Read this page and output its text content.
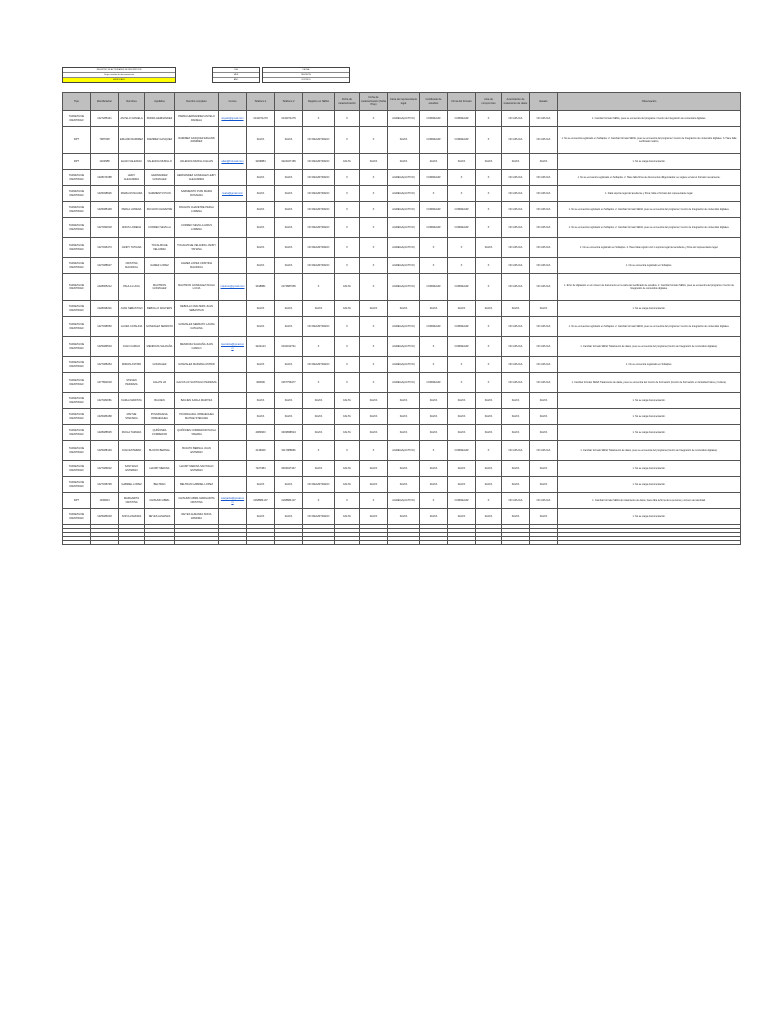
REGISTRO DE ACTIVIDADES DE INSCRIPCIÓN
Grupo revisión de documentación
VERIFICADO
DÍA
MES
AÑO
FECHA
REVISIÓN
CONTROL
Tipo	Identificación	Nombres	Apellidos	Nombre completo	Correo	Teléfono 1	Teléfono 2	Registro en SENA	Ficha de caracterización	Ficha de caracterización (Sofia Plus)	Carta del representante legal	Certificado de estudios	Firma del formato	Acta de compromiso	Autorización de tratamiento de datos	Estado	Observación
TARJETA DE IDENTIDAD	1027285441	ANYELO DANIELA	PARRA HERNANDEZ	PARRA HERNANDEZ ANYELO DANIELA	anyelo@gmail.com	3142071279	3142071279	X	X	X	AGREGA(ACTIVO)	CORREGIR	CORREGIR	X	NO APLICA	NO APLICA	1. Cambiar formato SENA, pues se encuentra del programa / Centro de Integración de contenidos digitales.
RPT	7987038	ERLAND RAMIREZ	RAMIREZ GASQUEZ	RAMIREZ GASQUEZ ERLAND RAMIREZ		FALTA	FALTA	NO REGISTRADO	X	X	FALTA	CORREGIR	CORREGIR	X	NO APLICA	NO APLICA	1. No se encuentra registrado en Sofiaplus. 2. Cambiar formato SENA, pues se encuentra del programa / Centro de Integración de contenidos digitales. 3. Hace falta certificado médico.
RPT	1022588	ELIAN VALENCIA	VALENCIA MURILLO	VALENCIA MURILLO ELIAN	elian@hotmail.com	3209884	3224327165	NO REGISTRADO	FALTA	FALTA	FALTA	FALTA	FALTA	FALTA	FALTA	FALTA	1. No se carga documentación.
TARJETA DE IDENTIDAD	1028474088	LEIDY ALEJANDRA	HERNANDEZ GONZALEZ	HERNANDEZ GONZALEZ LEIDY ALEJANDRA		FALTA	FALTA	NO REGISTRADO	X	X	AGREGA(ACTIVO)	CORREGIR	X	X	NO APLICA	NO APLICA	1. No se encuentra registrado en Sofiaplus. 2. Hace falta firma de documentos diligenciados; se sugiere enviar el formato nuevamente.
TARJETA DE IDENTIDAD	1025498526	MARIA ROSAURA	SARMIENTO PUIN	SARMIENTO PUIN MARIA ROSAURA	maria@gmail.com	FALTA	FALTA	NO REGISTRADO	X	X	AGREGA(ACTIVO)	X	X	X	NO APLICA	NO APLICA	1. Falta soporte legal del acudiente y firma; falta el formato del representante legal.
TARJETA DE IDENTIDAD	1025485448	PERLA LORENA	PACHON CHAVETRE	PACHON CHAVETRE PERLA LORENA		FALTA	FALTA	NO REGISTRADO	X	X	AGREGA(ACTIVO)	CORREGIR	CORREGIR	X	NO APLICA	NO APLICA	1. No se encuentra registrado en Sofiaplus. 2. Cambiar formato SENA, pues se encuentra del programa / Centro de Integración de contenidos digitales.
TARJETA DE IDENTIDAD	1027093018	ANIUS LORENA	CORREO SEVILLA	CORREO SEVILLA ANIUS LORENA		FALTA	FALTA	NO REGISTRADO	X	X	AGREGA(ACTIVO)	CORREGIR	CORREGIR	X	NO APLICA	NO APLICA	1. No se encuentra registrado en Sofiaplus. 2. Cambiar formato SENA, pues se encuentra del programa / Centro de Integración de contenidos digitales.
TARJETA DE IDENTIDAD	1027496473	JANDY TATIANA	TOCALMCHE VELANDIA	TOCALMCHE VELANDIA JANDY TATIANA		FALTA	FALTA	NO REGISTRADO	X	X	AGREGA(ACTIVO)	X	X	FALTA	NO APLICA	NO APLICA	1. No se encuentra registrado en Sofiaplus. 2. Hace falta registro civil o soporte legal del acudiente y firma del representante legal.
TARJETA DE IDENTIDAD	1027488627	CRISTINA MAURICIA	GAMEZ LOPEZ	GAMEZ LOPEZ CRISTINA MAURICIA		FALTA	FALTA	NO REGISTRADO	X	X	AGREGA(ACTIVO)	X	X	X	NO APLICA	NO APLICA	1. No se encuentra registrado en Sofiaplus.
TARJETA DE IDENTIDAD	1028065212	PAULA LUCIA	MAUTRON GONZALEZ	MAUTRON GONZALEZ PAULA LUCIA	mautron@gmail.com	3018881	3172887665	X	FALTA	X	AGREGA(ACTIVO)	CORREGIR	CORREGIR	X	NO APLICA	NO APLICA	1. Error de digitación en el número de documento en la carta del certificado de estudios. 2. Cambiar formato SENA, pues se encuentra del programa / Centro de Integración de contenidos digitales.
TARJETA DE IDENTIDAD	1028498431	JUAN SEBASTIAN	REBOLLO WALTERS	REBOLLO WALTERS JUAN SEBASTIAN		FALTA	FALTA	FALTA	FALTA	FALTA	FALTA	FALTA	FALTA	FALTA	FALTA	FALTA	1. No se carga documentación.
TARJETA DE IDENTIDAD	1027498560	LAURA CATALINA	GONZALEZ SERRATO	GONZALEZ SERRATO LAURA CATALINA		FALTA	FALTA	NO REGISTRADO	X	X	AGREGA(ACTIVO)	CORREGIR	CORREGIR	X	NO APLICA	NO APLICA	1. No se encuentra registrado en Sofiaplus. 2. Cambiar formato SENA, pues se encuentra del programa / Centro de Integración de contenidos digitales.
TARJETA DE IDENTIDAD	1025489504	JUAN CAMILO	MENDOZA SALDAÑA	MENDOZA SALDAÑA JUAN CAMILO	mendoza@gmail.com	3222144	3132013741	X	X	X	AGREGA(ACTIVO)	X	CORREGIR	X	NO APLICA	NO APLICA	1. Cambiar formato SENA Tratamiento de datos, pues se encuentra del programa (Centro de Integración de contenidos digitales).
TARJETA DE IDENTIDAD	1027488454	MIRIAN ASTRID	GONZALEZ	GONZALEZ MARIANA ASTRID		FALTA	FALTA	NO REGISTRADO	X	X	AGREGA(ACTIVO)	X	X	X	NO APLICA	NO APLICA	1. No se encuentra registrado en Sofiaplus.
TARJETA DE IDENTIDAD	1077802618	STEVEN PEDRAZA	GALVIS LR	GALVIS LR SANTIAGO PEDRAZA		409690	3167759477	X	X	X	AGREGA(ACTIVO)	CORREGIR	X	X	NO APLICA	NO APLICA	1. Cambiar formato SENA Tratamiento de datos, pues se encuentra del Centro de Formación (Centro de Formación en Actividad Física y Cultura).
TARJETA DE IDENTIDAD	1027482081	KARLA MARITZA	BAUJEN	BAUJEN KARLA MARITZA		FALTA	FALTA	FALTA	FALTA	FALTA	FALTA	FALTA	FALTA	FALTA	FALTA	FALTA	1. No se carga documentación.
TARJETA DE IDENTIDAD	1025486468	MAITHE STEFANIA	POVARGAFAL ORMAECHEA	POVARGAFAL ORMAECHEA MAITHE STEFANIA		FALTA	FALTA	FALTA	FALTA	FALTA	FALTA	FALTA	FALTA	FALTA	FALTA	FALTA	1. No se carga documentación.
TARJETA DE IDENTIDAD	1028488525	PAOLA TAMARA	QUIÑONES CORREDOR	QUIÑONES CORREDOR PAOLA TAMARA		4083963	3403898524	FALTA	FALTA	FALTA	FALTA	FALTA	FALTA	FALTA	FALTA	FALTA	1. No se carga documentación.
TARJETA DE IDENTIDAD	1025488149	JUAN ESTEBAN	BUJATO BERNAL	BUJATO BERNAL JUAN ESTEBAN		4149926	3117988966	X	X	X	AGREGA(ACTIVO)	X	CORREGIR	X	NO APLICA	NO APLICA	1. Cambiar formato SENA Tratamiento de datos, pues se encuentra del programa (Centro de Integración de contenidos digitales).
TARJETA DE IDENTIDAD	1027489032	SANTIAGO ESTEBAN	HAUMT MEDINA	HAUMT MEDINA SANTIAGO ESTEBAN		7227384	3004947347	FALTA	FALTA	FALTA	FALTA	FALTA	FALTA	FALTA	FALTA	FALTA	1. No se carga documentación.
TARJETA DE IDENTIDAD	1027498748	GABRIEL LOPEZ	BELTRAN	BELTRAN GABRIEL LOPEZ		FALTA	FALTA	NO REGISTRADO	FALTA	FALTA	FALTA	FALTA	FALTA	FALTA	FALTA	FALTA	1. No se carga documentación.
RPT	1030844	MARGARITA CRISTINA	CHISUMO ABRIL	CHISUMO ABRIL MARGARITA CRISTINA	margarita@gmail.com	3168884137	3168884137	X	X	X	AGREGA(ACTIVO)	X	CORREGIR	X	NO APLICA	NO APLICA	1. Cambiar formato SENA de tratamiento de datos, hace falta la firma de la persona y número de identidad.
TARJETA DE IDENTIDAD	1025486018	SOFIA ZAMORA	REYES ALMANZA	REYES ALMANZA SOFIA ZAMORA		FALTA	FALTA	NO REGISTRADO	FALTA	FALTA	FALTA	FALTA	FALTA	FALTA	FALTA	FALTA	1. No se carga documentación.
